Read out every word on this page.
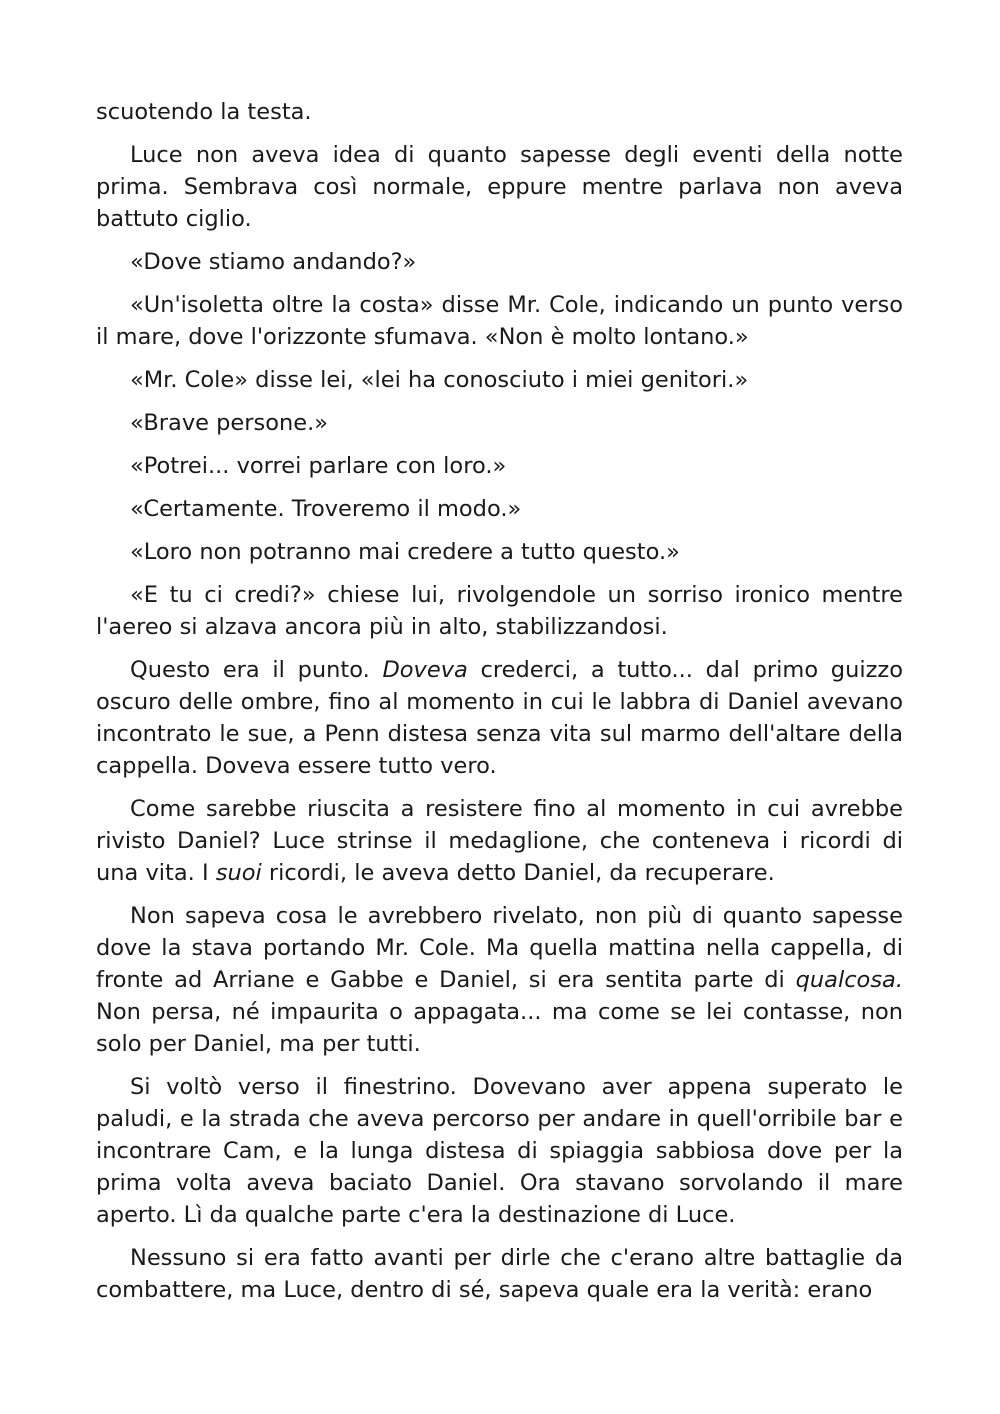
scuotendo la testa.

Luce non aveva idea di quanto sapesse degli eventi della notte prima. Sembrava così normale, eppure mentre parlava non aveva battuto ciglio.

«Dove stiamo andando?»

«Un'isoletta oltre la costa» disse Mr. Cole, indicando un punto verso il mare, dove l'orizzonte sfumava. «Non è molto lontano.»

«Mr. Cole» disse lei, «lei ha conosciuto i miei genitori.»

«Brave persone.»

«Potrei... vorrei parlare con loro.»

«Certamente. Troveremo il modo.»

«Loro non potranno mai credere a tutto questo.»

«E tu ci credi?» chiese lui, rivolgendole un sorriso ironico mentre l'aereo si alzava ancora più in alto, stabilizzandosi.

Questo era il punto. Doveva crederci, a tutto... dal primo guizzo oscuro delle ombre, fino al momento in cui le labbra di Daniel avevano incontrato le sue, a Penn distesa senza vita sul marmo dell'altare della cappella. Doveva essere tutto vero.

Come sarebbe riuscita a resistere fino al momento in cui avrebbe rivisto Daniel? Luce strinse il medaglione, che conteneva i ricordi di una vita. I suoi ricordi, le aveva detto Daniel, da recuperare.

Non sapeva cosa le avrebbero rivelato, non più di quanto sapesse dove la stava portando Mr. Cole. Ma quella mattina nella cappella, di fronte ad Arriane e Gabbe e Daniel, si era sentita parte di qualcosa. Non persa, né impaurita o appagata... ma come se lei contasse, non solo per Daniel, ma per tutti.

Si voltò verso il finestrino. Dovevano aver appena superato le paludi, e la strada che aveva percorso per andare in quell'orribile bar e incontrare Cam, e la lunga distesa di spiaggia sabbiosa dove per la prima volta aveva baciato Daniel. Ora stavano sorvolando il mare aperto. Lì da qualche parte c'era la destinazione di Luce.

Nessuno si era fatto avanti per dirle che c'erano altre battaglie da combattere, ma Luce, dentro di sé, sapeva quale era la verità: erano
